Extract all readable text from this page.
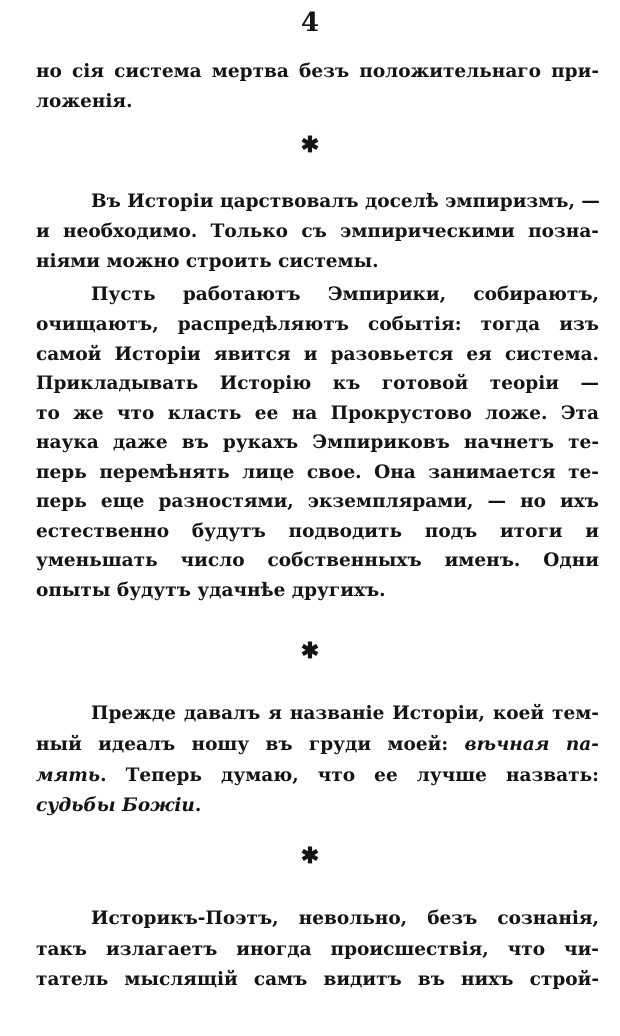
4
но сія система мертва безъ положительнаго при-
ложенія.
✱
Въ Исторіи царствовалъ доселѣ эмпиризмъ, —
и необходимо. Только съ эмпирическими позна-
ніями можно строить системы.
Пусть работаютъ Эмпирики, собираютъ,
очищаютъ, распредѣляютъ событія: тогда изъ
самой Исторіи явится и разовьется ея система.
Прикладывать Исторію къ готовой теоріи —
то же что класть ее на Прокрустово ложе. Эта
наука даже въ рукахъ Эмпириковъ начнетъ те-
перь перемѣнять лице свое. Она занимается те-
перь еще разностями, экземплярами, — но ихъ
естественно будутъ подводить подъ итоги и
уменьшать число собственныхъ именъ. Одни
опыты будутъ удачнѣе другихъ.
✱
Прежде давалъ я названіе Исторіи, коей тем-
ный идеалъ ношу въ груди моей: вѣчная па-
мять. Теперь думаю, что ее лучше назвать:
судьбы Божіи.
✱
Историкъ-Поэтъ, невольно, безъ сознанія,
такъ излагаетъ иногда происшествія, что чи-
татель мыслящій самъ видитъ въ нихъ строй-
